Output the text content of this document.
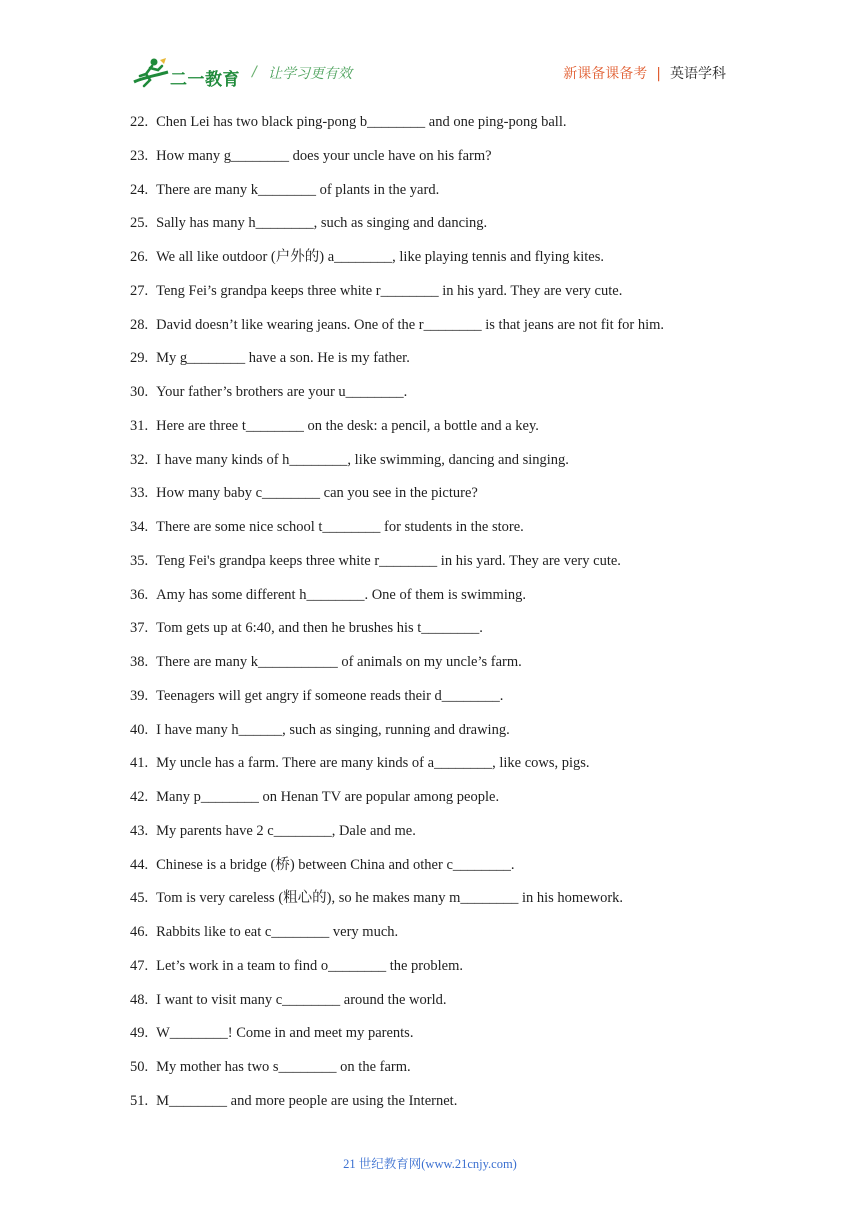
二一教育 / 让学习更有效	新课备课备考 | 英语学科
22. Chen Lei has two black ping-pong b________ and one ping-pong ball.
23. How many g________ does your uncle have on his farm?
24. There are many k________ of plants in the yard.
25. Sally has many h________, such as singing and dancing.
26. We all like outdoor (户外的) a________, like playing tennis and flying kites.
27. Teng Fei’s grandpa keeps three white r________ in his yard. They are very cute.
28. David doesn’t like wearing jeans. One of the r________ is that jeans are not fit for him.
29. My g________ have a son. He is my father.
30. Your father’s brothers are your u________.
31. Here are three t________ on the desk: a pencil, a bottle and a key.
32. I have many kinds of h________, like swimming, dancing and singing.
33. How many baby c________ can you see in the picture?
34. There are some nice school t________ for students in the store.
35. Teng Fei's grandpa keeps three white r________ in his yard. They are very cute.
36. Amy has some different h________. One of them is swimming.
37. Tom gets up at 6:40, and then he brushes his t________.
38. There are many k___________ of animals on my uncle’s farm.
39. Teenagers will get angry if someone reads their d________.
40. I have many h______, such as singing, running and drawing.
41. My uncle has a farm. There are many kinds of a________, like cows, pigs.
42. Many p________ on Henan TV are popular among people.
43. My parents have 2 c________, Dale and me.
44. Chinese is a bridge (桥) between China and other c________.
45. Tom is very careless (粗心的), so he makes many m________ in his homework.
46. Rabbits like to eat c________ very much.
47. Let’s work in a team to find o________ the problem.
48. I want to visit many c________ around the world.
49. W________! Come in and meet my parents.
50. My mother has two s________ on the farm.
51. M________ and more people are using the Internet.
21 世纪教育网(www.21cnjy.com)
